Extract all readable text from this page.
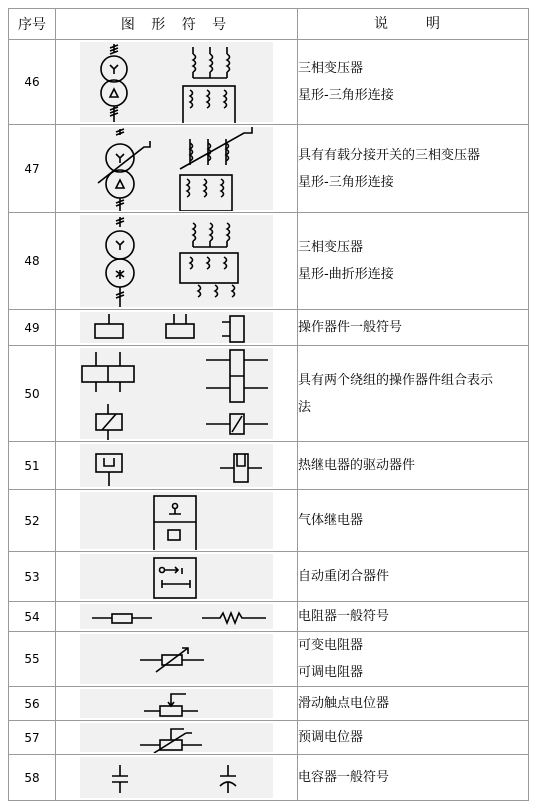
序号	图 形 符 号	说　明
46		三相变压器
星形-三角形连接

47		具有有载分接开关的三相变压器
星形-三角形连接

48		三相变压器
星形-曲折形连接

49		操作器件一般符号

50		具有两个绕组的操作器件组合表示
法

51		热继电器的驱动器件

52		气体继电器

53		自动重闭合器件

54		电阻器一般符号

55		可变电阻器
可调电阻器

56		滑动触点电位器

57		预调电位器

58		电容器一般符号
